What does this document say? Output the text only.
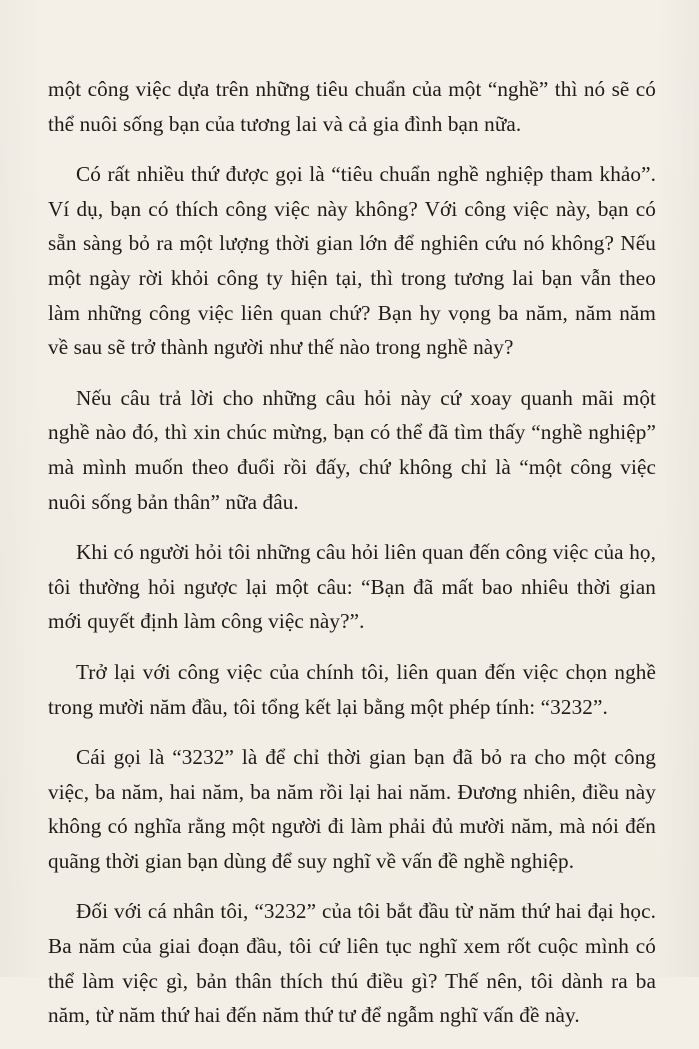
một công việc dựa trên những tiêu chuẩn của một “nghề” thì nó sẽ có thể nuôi sống bạn của tương lai và cả gia đình bạn nữa.

Có rất nhiều thứ được gọi là “tiêu chuẩn nghề nghiệp tham khảo”. Ví dụ, bạn có thích công việc này không? Với công việc này, bạn có sẵn sàng bỏ ra một lượng thời gian lớn để nghiên cứu nó không? Nếu một ngày rời khỏi công ty hiện tại, thì trong tương lai bạn vẫn theo làm những công việc liên quan chứ? Bạn hy vọng ba năm, năm năm về sau sẽ trở thành người như thế nào trong nghề này?

Nếu câu trả lời cho những câu hỏi này cứ xoay quanh mãi một nghề nào đó, thì xin chúc mừng, bạn có thể đã tìm thấy “nghề nghiệp” mà mình muốn theo đuổi rồi đấy, chứ không chỉ là “một công việc nuôi sống bản thân” nữa đâu.

Khi có người hỏi tôi những câu hỏi liên quan đến công việc của họ, tôi thường hỏi ngược lại một câu: “Bạn đã mất bao nhiêu thời gian mới quyết định làm công việc này?”.

Trở lại với công việc của chính tôi, liên quan đến việc chọn nghề trong mười năm đầu, tôi tổng kết lại bằng một phép tính: “3232”.

Cái gọi là “3232” là để chỉ thời gian bạn đã bỏ ra cho một công việc, ba năm, hai năm, ba năm rồi lại hai năm. Đương nhiên, điều này không có nghĩa rằng một người đi làm phải đủ mười năm, mà nói đến quãng thời gian bạn dùng để suy nghĩ về vấn đề nghề nghiệp.

Đối với cá nhân tôi, “3232” của tôi bắt đầu từ năm thứ hai đại học. Ba năm của giai đoạn đầu, tôi cứ liên tục nghĩ xem rốt cuộc mình có thể làm việc gì, bản thân thích thú điều gì? Thế nên, tôi dành ra ba năm, từ năm thứ hai đến năm thứ tư để ngẫm nghĩ vấn đề này.
